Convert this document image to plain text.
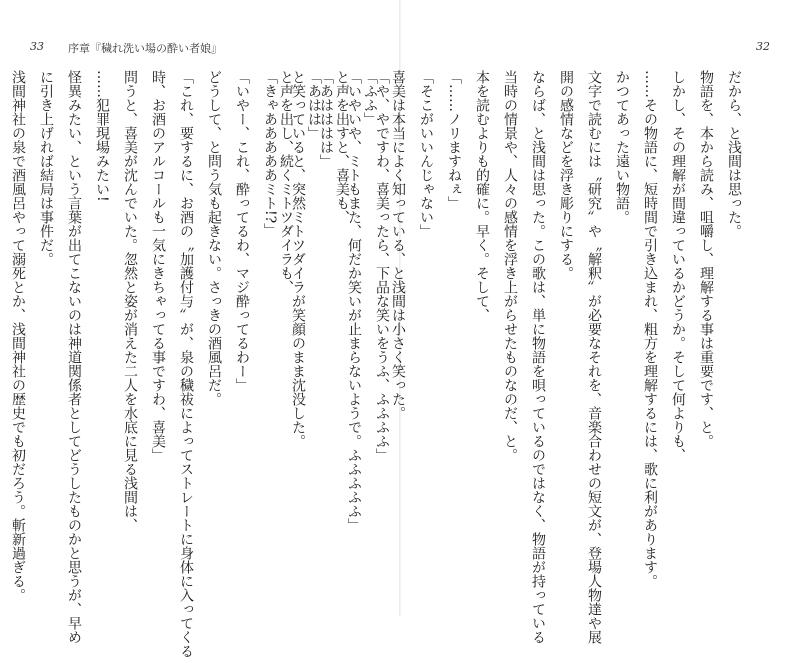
33 序章『穢れ洗い場の酔い者娘』
「や、やですわ、喜美ったら、下品な笑いをうふ、ふふふふ」
「いやいや、ミトもまた、何だか笑いが止まらないようで。ふふふふふ」
「あはははは」
と笑っていると、突然ミトツダイラが笑顔のまま沈没した。
「きゃあああああミト!?」
「いやー、これ、酔ってるわ、マジ酔ってるわー」
どうして、と問う気も起きない。さっきの酒風呂だ。
「これ、要するに、お酒の〝加護付与〟が、泉の穢祓によってストレートに身体に入ってくる
時、お酒のアルコールも一気にきちゃってる事ですわ、喜美」
問うと、喜美が沈んでいた。忽然と姿が消えた二人を水底に見る浅間は、
……犯罪現場みたい!
怪異みたい、という言葉が出てこないのは神道関係者としてどうしたものかと思うが、早め
に引き上げれば結局は事件だ。
浅間神社の泉で酒風呂やって溺死とか、浅間神社の歴史でも初だろう。斬新過ぎる。
32
だから、と浅間は思った。
物語を、本から読み、咀嚼し、理解する事は重要です、と。
しかし、その理解が間違っているかどうか。そして何よりも、
……その物語に、短時間で引き込まれ、粗方を理解するには、歌に利があります。
かつてあった遠い物語。
文字で読むには〝研究〟や〝解釈〟が必要なそれを、音楽合わせの短文が、登場人物達や展
開の感情などを浮き彫りにする。
ならば、と浅間は思った。この歌は、単に物語を唄っているのではなく、物語が持っている
当時の情景や、人々の感情を浮き上がらせたものなのだ、と。
本を読むよりも的確に。早く。そして、
「……ノリますねぇ」
「そこがいいんじゃない」
喜美は本当によく知っている、と浅間は小さく笑った。
「ふふ」
と声を出すと、喜美も、
「あはは」
と声を出し、続くミトツダイラも、
